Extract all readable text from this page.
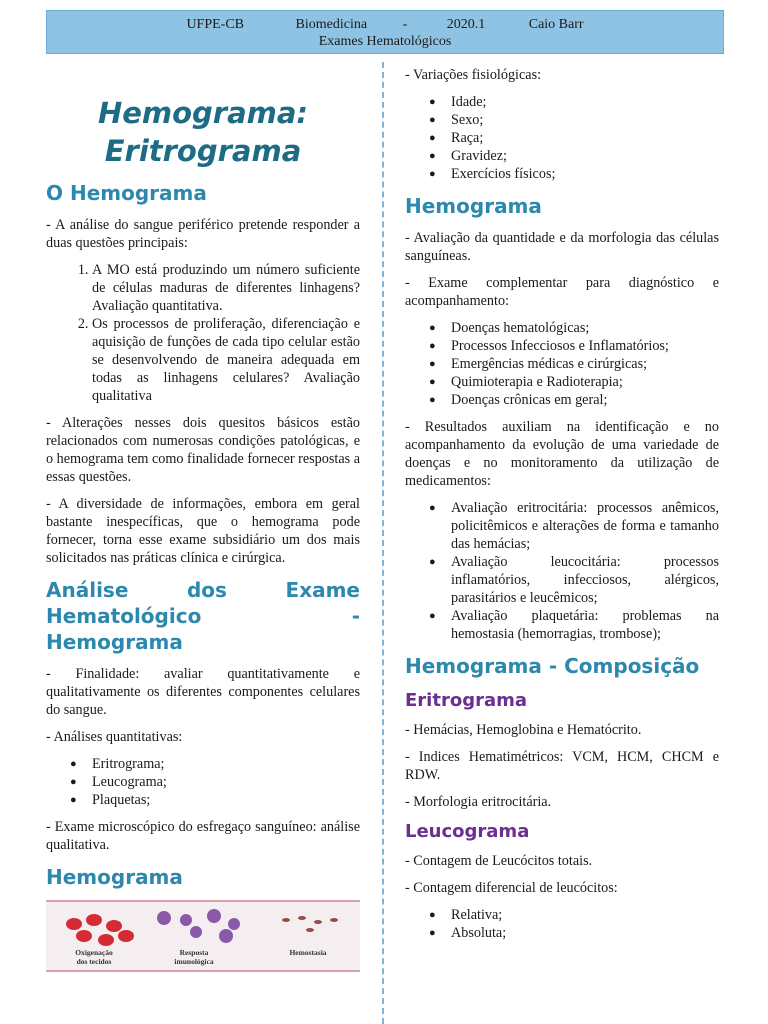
UFPE-CB	Biomedicina	-	2020.1	Caio Barr
Exames Hematológicos
Hemograma:
Eritrograma
O Hemograma

- A análise do sangue periférico pretende responder a duas questões principais:

1. A MO está produzindo um número suficiente de células maduras de diferentes linhagens? Avaliação quantitativa.
2. Os processos de proliferação, diferenciação e aquisição de funções de cada tipo celular estão se desenvolvendo de maneira adequada em todas as linhagens celulares? Avaliação qualitativa

- Alterações nesses dois quesitos básicos estão relacionados com numerosas condições patológicas, e o hemograma tem como finalidade fornecer respostas a essas questões.

- A diversidade de informações, embora em geral bastante inespecíficas, que o hemograma pode fornecer, torna esse exame subsidiário um dos mais solicitados nas práticas clínica e cirúrgica.

Análise dos Exame Hematológico - Hemograma

- Finalidade: avaliar quantitativamente e qualitativamente os diferentes componentes celulares do sangue.

- Análises quantitativas:

● Eritrograma;
● Leucograma;
● Plaquetas;

- Exame microscópico do esfregaço sanguíneo: análise qualitativa.

Hemograma
Oxigenação dos tecidos
Resposta imunológica
Hemostasia

- Variações fisiológicas:

● Idade;
● Sexo;
● Raça;
● Gravidez;
● Exercícios físicos;
Hemograma

- Avaliação da quantidade e da morfologia das células sanguíneas.

- Exame complementar para diagnóstico e acompanhamento:

● Doenças hematológicas;
● Processos Infecciosos e Inflamatórios;
● Emergências médicas e cirúrgicas;
● Quimioterapia e Radioterapia;
● Doenças crônicas em geral;

- Resultados auxiliam na identificação e no acompanhamento da evolução de uma variedade de doenças e no monitoramento da utilização de medicamentos:

● Avaliação eritrocitária: processos anêmicos, policitêmicos e alterações de forma e tamanho das hemácias;
● Avaliação leucocitária: processos inflamatórios, infecciosos, alérgicos, parasitários e leucêmicos;
● Avaliação plaquetária: problemas na hemostasia (hemorragias, trombose);
Hemograma - Composição
Eritrograma

- Hemácias, Hemoglobina e Hematócrito.

- Indices Hematimétricos: VCM, HCM, CHCM e RDW.

- Morfologia eritrocitária.

Leucograma

- Contagem de Leucócitos totais.

- Contagem diferencial de leucócitos:

● Relativa;
● Absoluta;
